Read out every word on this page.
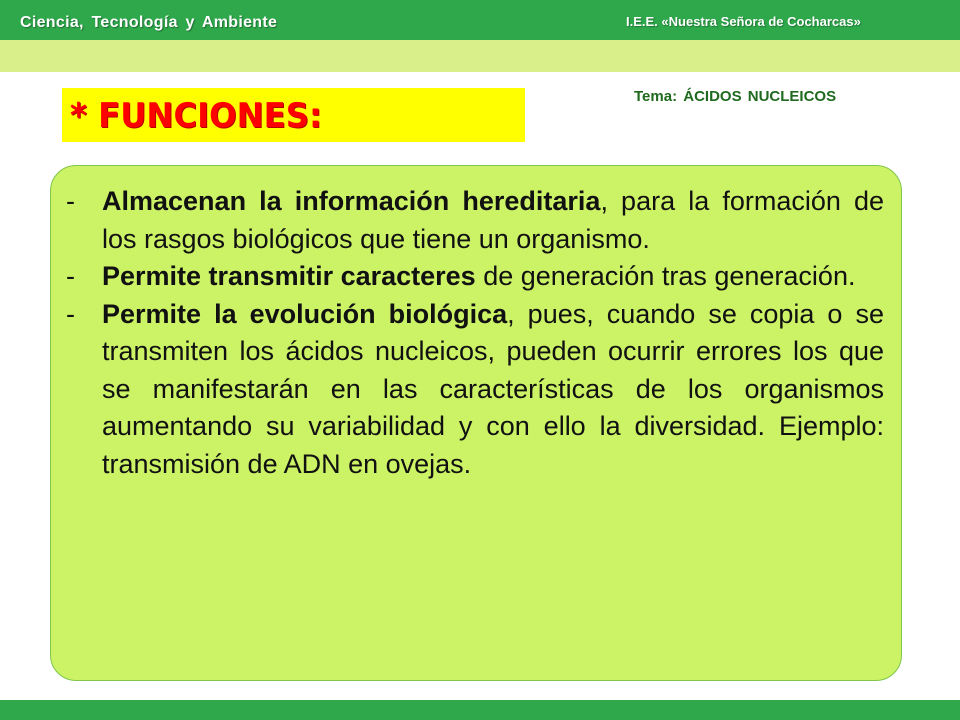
Ciencia, Tecnología y Ambiente	I.E.E. «Nuestra Señora de Cocharcas»
Tema: ÁCIDOS NUCLEICOS
* FUNCIONES:
-	Almacenan la información hereditaria, para la formación de los rasgos biológicos que tiene un organismo.
-	Permite transmitir caracteres de generación tras generación.
-	Permite la evolución biológica, pues, cuando se copia o se transmiten los ácidos nucleicos, pueden ocurrir errores los que se manifestarán en las características de los organismos aumentando su variabilidad y con ello la diversidad. Ejemplo: transmisión de ADN en ovejas.
